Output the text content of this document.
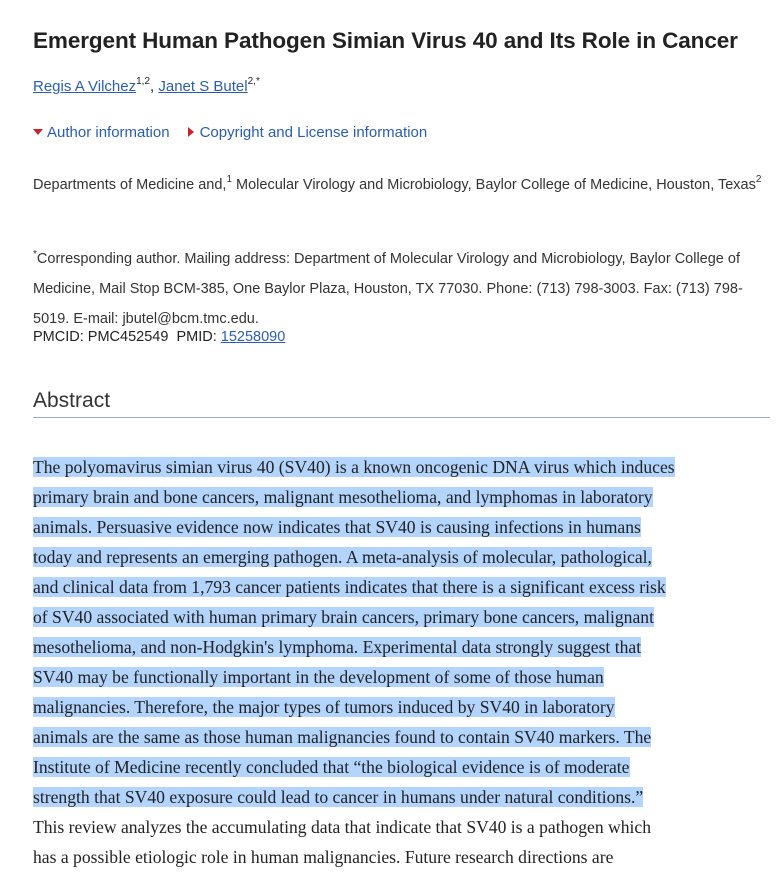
Emergent Human Pathogen Simian Virus 40 and Its Role in Cancer
Regis A Vilchez$^{1,2}$, Janet S Butel$^{2,*}$
Author information Copyright and License information
Departments of Medicine and,$^1$ Molecular Virology and Microbiology, Baylor College of Medicine, Houston, Texas$^2$
*Corresponding author. Mailing address: Department of Molecular Virology and Microbiology, Baylor College of Medicine, Mail Stop BCM-385, One Baylor Plaza, Houston, TX 77030. Phone: (713) 798-3003. Fax: (713) 798-5019. E-mail: jbutel@bcm.tmc.edu.
PMCID: PMC452549 PMID: 15258090
Abstract
The polyomavirus simian virus 40 (SV40) is a known oncogenic DNA virus which induces
primary brain and bone cancers, malignant mesothelioma, and lymphomas in laboratory
animals. Persuasive evidence now indicates that SV40 is causing infections in humans
today and represents an emerging pathogen. A meta-analysis of molecular, pathological,
and clinical data from 1,793 cancer patients indicates that there is a significant excess risk
of SV40 associated with human primary brain cancers, primary bone cancers, malignant
mesothelioma, and non-Hodgkin's lymphoma. Experimental data strongly suggest that
SV40 may be functionally important in the development of some of those human
malignancies. Therefore, the major types of tumors induced by SV40 in laboratory
animals are the same as those human malignancies found to contain SV40 markers. The
Institute of Medicine recently concluded that “the biological evidence is of moderate
strength that SV40 exposure could lead to cancer in humans under natural conditions.”
This review analyzes the accumulating data that indicate that SV40 is a pathogen which
has a possible etiologic role in human malignancies. Future research directions are
